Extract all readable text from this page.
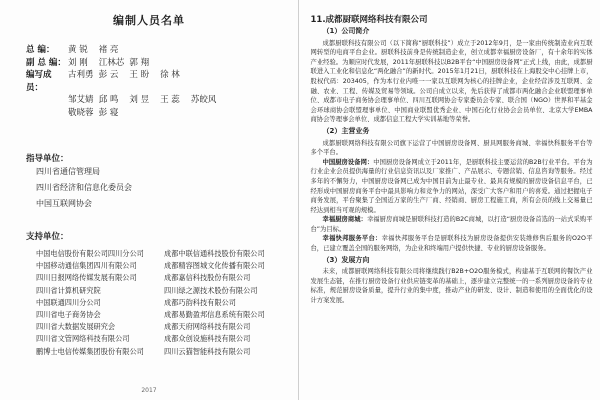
编制人员名单
总 编：	黄 锐 褚 亮
副 总 编： 刘 刚 江林芯 郭 翔
编写成员：
古利勇 彭 云 王 盼 徐 林
邹艾婧 邱 鸣 刘 昱 王 蕊 苏皎风
敬晓蓉 彭 寝
指导单位：
四川省通信管理局
四川省经济和信息化委员会
中国互联网协会
支持单位：
中国电信股份有限公司四川分公司	成都中联信通科技股份有限公司
中国移动通信集团四川有限公司	成都精容图城文化传播有限公司
四川日报网络传媒发展有限公司	成都嘉信科技股份有限公司
四川省计算机研究院	四川绿之源技术股份有限公司
中国联通四川分公司	成都巧韵科技有限公司
四川省电子商务协会	成都易勤盈邦信息系统有限公司
四川省大数据发展研究会	成都天府网络科技有限公司
四川省文管网络科技有限公司	成都众创设施科技有限公司
鹏博士电信传媒集团股份有限公司	四川云猫智能科技有限公司
2017
11.成都厨联网络科技有限公司
（1）公司简介

成都厨联科技有限公司（以下简称“厨联科技”）成立于2012年9月，是一家由传统制造业向互联网转型的电商平台企业。厨联科技前身是传统制造企业，创立成都幸福厨房设备厂，有十余年的实体产业经验。为顺应时代发展，2011年厨联科技以B2B平台“中国厨房设备网”正式上线，由此，成都厨联进入工业化和信息化“两化融合”的新时代。2015年1月21日，厨联科技在上海股交中心挂牌上市，股权代码：203405，作为本行业内唯一一家以互联网为核心的挂牌企业，企业经营涉及互联网、金融、农业、工程、传媒及贸易等领域。公司自成立以来，先后获得了成都市两化融合企业联盟理事单位、成都市电子商务协会理事单位、四川互联网协会专家委员会专家、联合国（NGO）世界和平基金会环球商协会联盟理事单位、中国商业联盟优秀企业、中国石化行业协会会员单位、北京大学EMBA商协会等理事会单位、成都信息工程大学实训基地等荣誉。

（2）主营业务

成都厨联网络科技有限公司旗下运营了中国厨房设备网、厨具网服务商城、幸福快科服务平台等多个平台。

中国厨房设备网：中国厨房设备网成立于2011年，是厨联科技主要运营的B2B行业平台。平台为行业企业会员提供海量的行业信息资讯以及厂家推广、产品展示、专题营销、信息咨询等服务。经过多年的不懈努力，中国厨房设备网已成为中国目前为止最专业、最具有规模的厨房设备信息平台，已经形成中国厨房商务平台中最具影响力和竞争力的网站，深受广大客户和用户的喜爱。通过把握电子商务发展，平台聚集了全国近万家的生产厂商、经销商、厨房工程施工商，所有会员的线上交易量已经达到相当可观的规模。

幸福厨房商城：幸福厨房商城是厨联科技打造的B2C商城，以打造“厨房设备首选的一站式采购平台”为目标。

幸福快邦服务平台：幸福快邦服务平台是厨联科技为厨房设备提供安装维修售后服务的O2O平台，已建立覆盖全国的服务网络，为企业和终端用户提供快捷、专业的厨房设备服务。

（3）发展方向

未来，成都厨联网络科技有限公司将继续践行B2B+O2O服务模式，构建基于互联网的餐饮产业发展生态链，在推行厨房设备行业供应链变革的基础上，逐步建立完整统一的一系列厨房设备的专业标准，规范厨房设备质量，提升行业的集中度，推动产业的研发、设计、制造和使用的全面优化的设计方案发展。
